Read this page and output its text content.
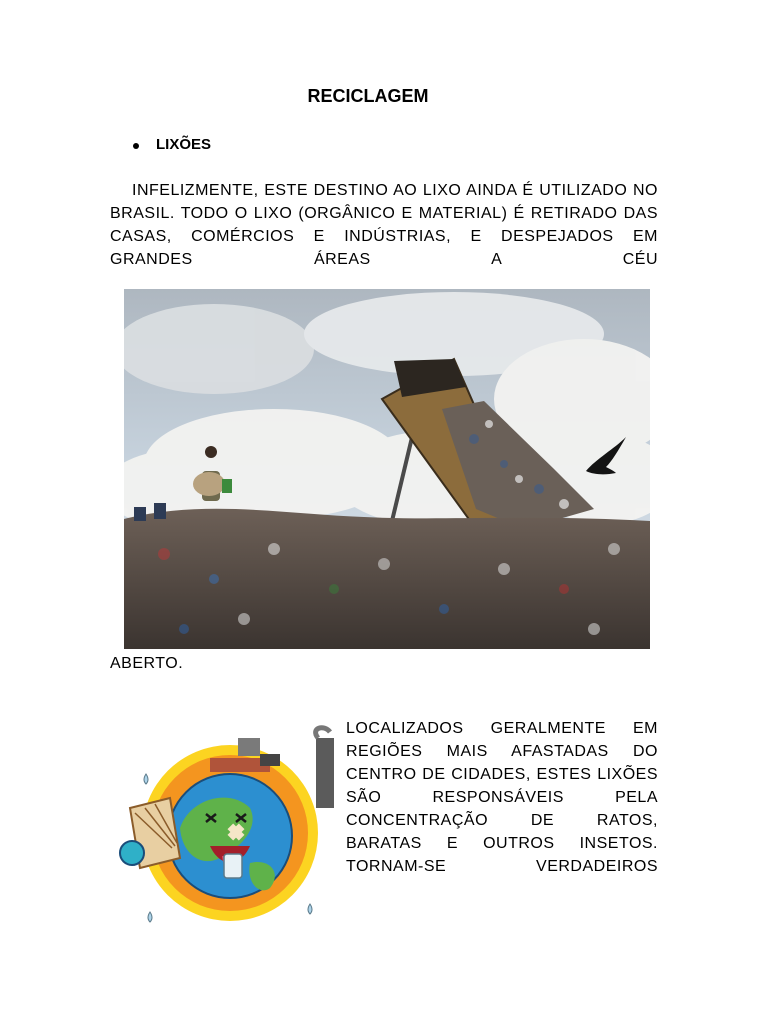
RECICLAGEM
LIXÕES
INFELIZMENTE, ESTE DESTINO AO LIXO AINDA É UTILIZADO NO BRASIL. TODO O LIXO (ORGÂNICO E MATERIAL) É RETIRADO DAS CASAS, COMÉRCIOS E INDÚSTRIAS, E DESPEJADOS EM GRANDES ÁREAS A CÉU
ABERTO.
LOCALIZADOS GERALMENTE EM REGIÕES MAIS AFASTADAS DO CENTRO DE CIDADES, ESTES LIXÕES SÃO RESPONSÁVEIS PELA CONCENTRAÇÃO DE RATOS, BARATAS E OUTROS INSETOS. TORNAM-SE VERDADEIROS
